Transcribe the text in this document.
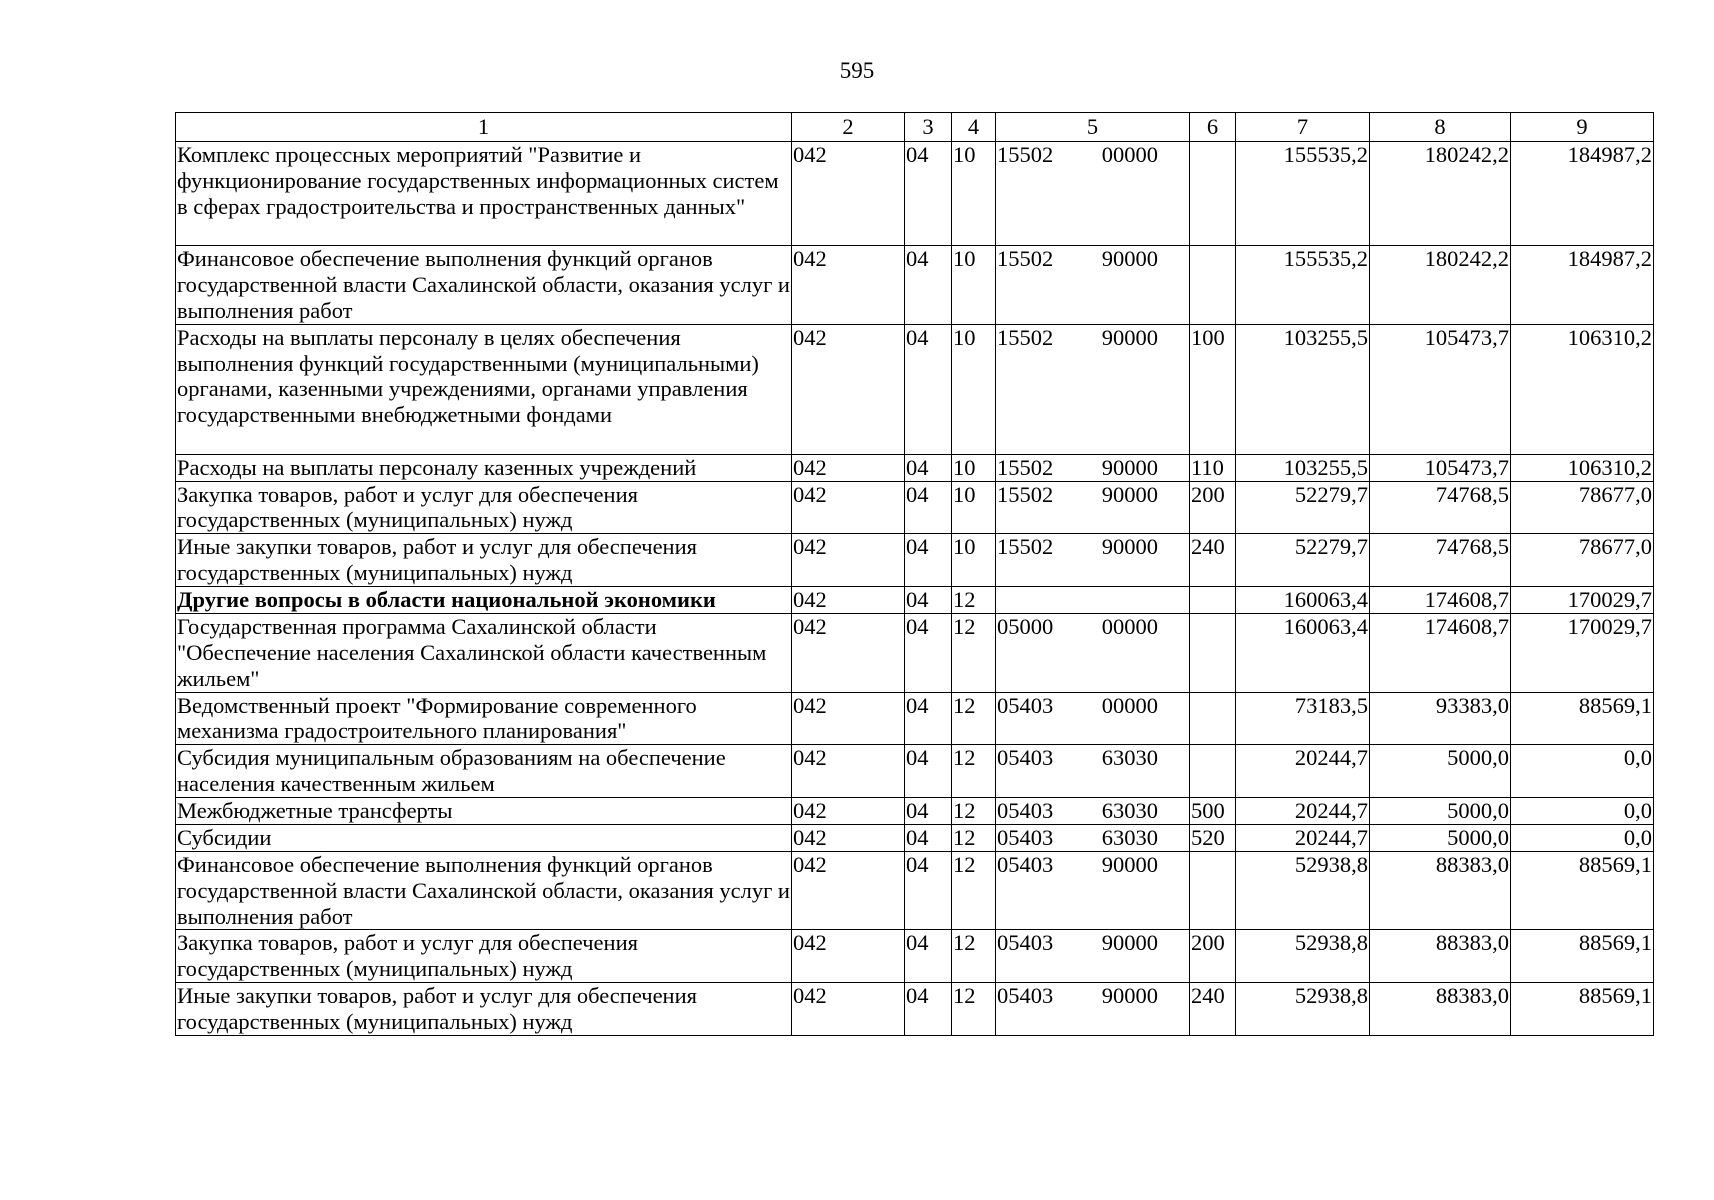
595
1	2	3	4	5	6	7	8	9
Комплекс процессных мероприятий "Развитие и функционирование государственных информационных систем в сферах градостроительства и пространственных данных"	042	04	10	15502 00000		155535,2	180242,2	184987,2
Финансовое обеспечение выполнения функций органов государственной власти Сахалинской области, оказания услуг и выполнения работ	042	04	10	15502 90000		155535,2	180242,2	184987,2
Расходы на выплаты персоналу в целях обеспечения выполнения функций государственными (муниципальными) органами, казенными учреждениями, органами управления государственными внебюджетными фондами	042	04	10	15502 90000	100	103255,5	105473,7	106310,2
Расходы на выплаты персоналу казенных учреждений	042	04	10	15502 90000	110	103255,5	105473,7	106310,2
Закупка товаров, работ и услуг для обеспечения государственных (муниципальных) нужд	042	04	10	15502 90000	200	52279,7	74768,5	78677,0
Иные закупки товаров, работ и услуг для обеспечения государственных (муниципальных) нужд	042	04	10	15502 90000	240	52279,7	74768,5	78677,0
Другие вопросы в области национальной экономики	042	04	12			160063,4	174608,7	170029,7
Государственная программа Сахалинской области "Обеспечение населения Сахалинской области качественным жильем"	042	04	12	05000 00000		160063,4	174608,7	170029,7
Ведомственный проект "Формирование современного механизма градостроительного планирования"	042	04	12	05403 00000		73183,5	93383,0	88569,1
Субсидия муниципальным образованиям на обеспечение населения качественным жильем	042	04	12	05403 63030		20244,7	5000,0	0,0
Межбюджетные трансферты	042	04	12	05403 63030	500	20244,7	5000,0	0,0
Субсидии	042	04	12	05403 63030	520	20244,7	5000,0	0,0
Финансовое обеспечение выполнения функций органов государственной власти Сахалинской области, оказания услуг и выполнения работ	042	04	12	05403 90000		52938,8	88383,0	88569,1
Закупка товаров, работ и услуг для обеспечения государственных (муниципальных) нужд	042	04	12	05403 90000	200	52938,8	88383,0	88569,1
Иные закупки товаров, работ и услуг для обеспечения государственных (муниципальных) нужд	042	04	12	05403 90000	240	52938,8	88383,0	88569,1
